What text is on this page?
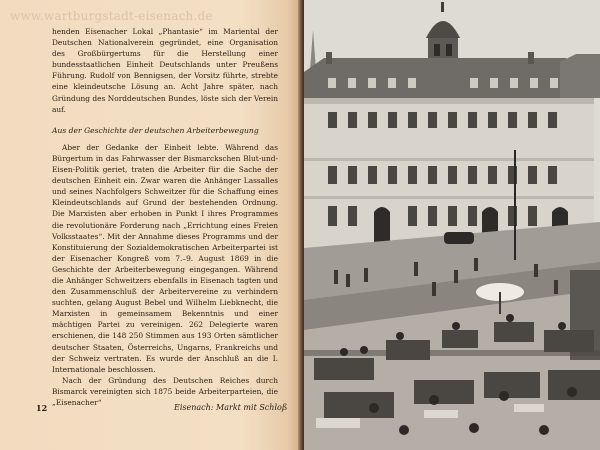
www.wartburgstadt-eisenach.de

henden Eisenacher Lokal „Phantasie“ im Mariental der Deutschen Nationalverein gegründet, eine Organisation des Großbürgertums für die Herstellung einer bundesstaatlichen Einheit Deutschlands unter Preußens Führung. Rudolf von Bennigsen, der Vorsitz führte, strebte eine kleindeutsche Lösung an. Acht Jahre später, nach Gründung des Norddeutschen Bundes, löste sich der Verein auf.

Aus der Geschichte der deutschen Arbeiterbewegung

Aber der Gedanke der Einheit lebte. Während das Bürgertum in das Fahrwasser der Bismarckschen Blut-und-Eisen-Politik geriet, traten die Arbeiter für die Sache der deutschen Einheit ein. Zwar waren die Anhänger Lassalles und seines Nachfolgers Schweitzer für die Schaffung eines Kleindeutschlands auf Grund der bestehenden Ordnung. Die Marxisten aber erhoben in Punkt I ihres Programmes die revolutionäre Forderung nach „Errichtung eines Freien Volksstaates“. Mit der Annahme dieses Programms und der Konstituierung der Sozialdemokratischen Arbeiterpartei ist der Eisenacher Kongreß vom 7.–9. August 1869 in die Geschichte der Arbeiterbewegung eingegangen. Während die Anhänger Schweitzers ebenfalls in Eisenach tagten und den Zusammenschluß der Arbeitervereine zu verhindern suchten, gelang August Bebel und Wilhelm Liebknecht, die Marxisten in gemeinsamem Bekenntnis und einer mächtigen Partei zu vereinigen. 262 Delegierte waren erschienen, die 148 250 Stimmen aus 193 Orten sämtlicher deutscher Staaten, Österreichs, Ungarns, Frankreichs und der Schweiz vertraten. Es wurde der Anschluß an die I. Internationale beschlossen.

Nach der Gründung des Deutschen Reiches durch Bismarck vereinigten sich 1875 beide Arbeiterparteien, die „Eisenacher“

12	Eisenach: Markt mit Schloß
